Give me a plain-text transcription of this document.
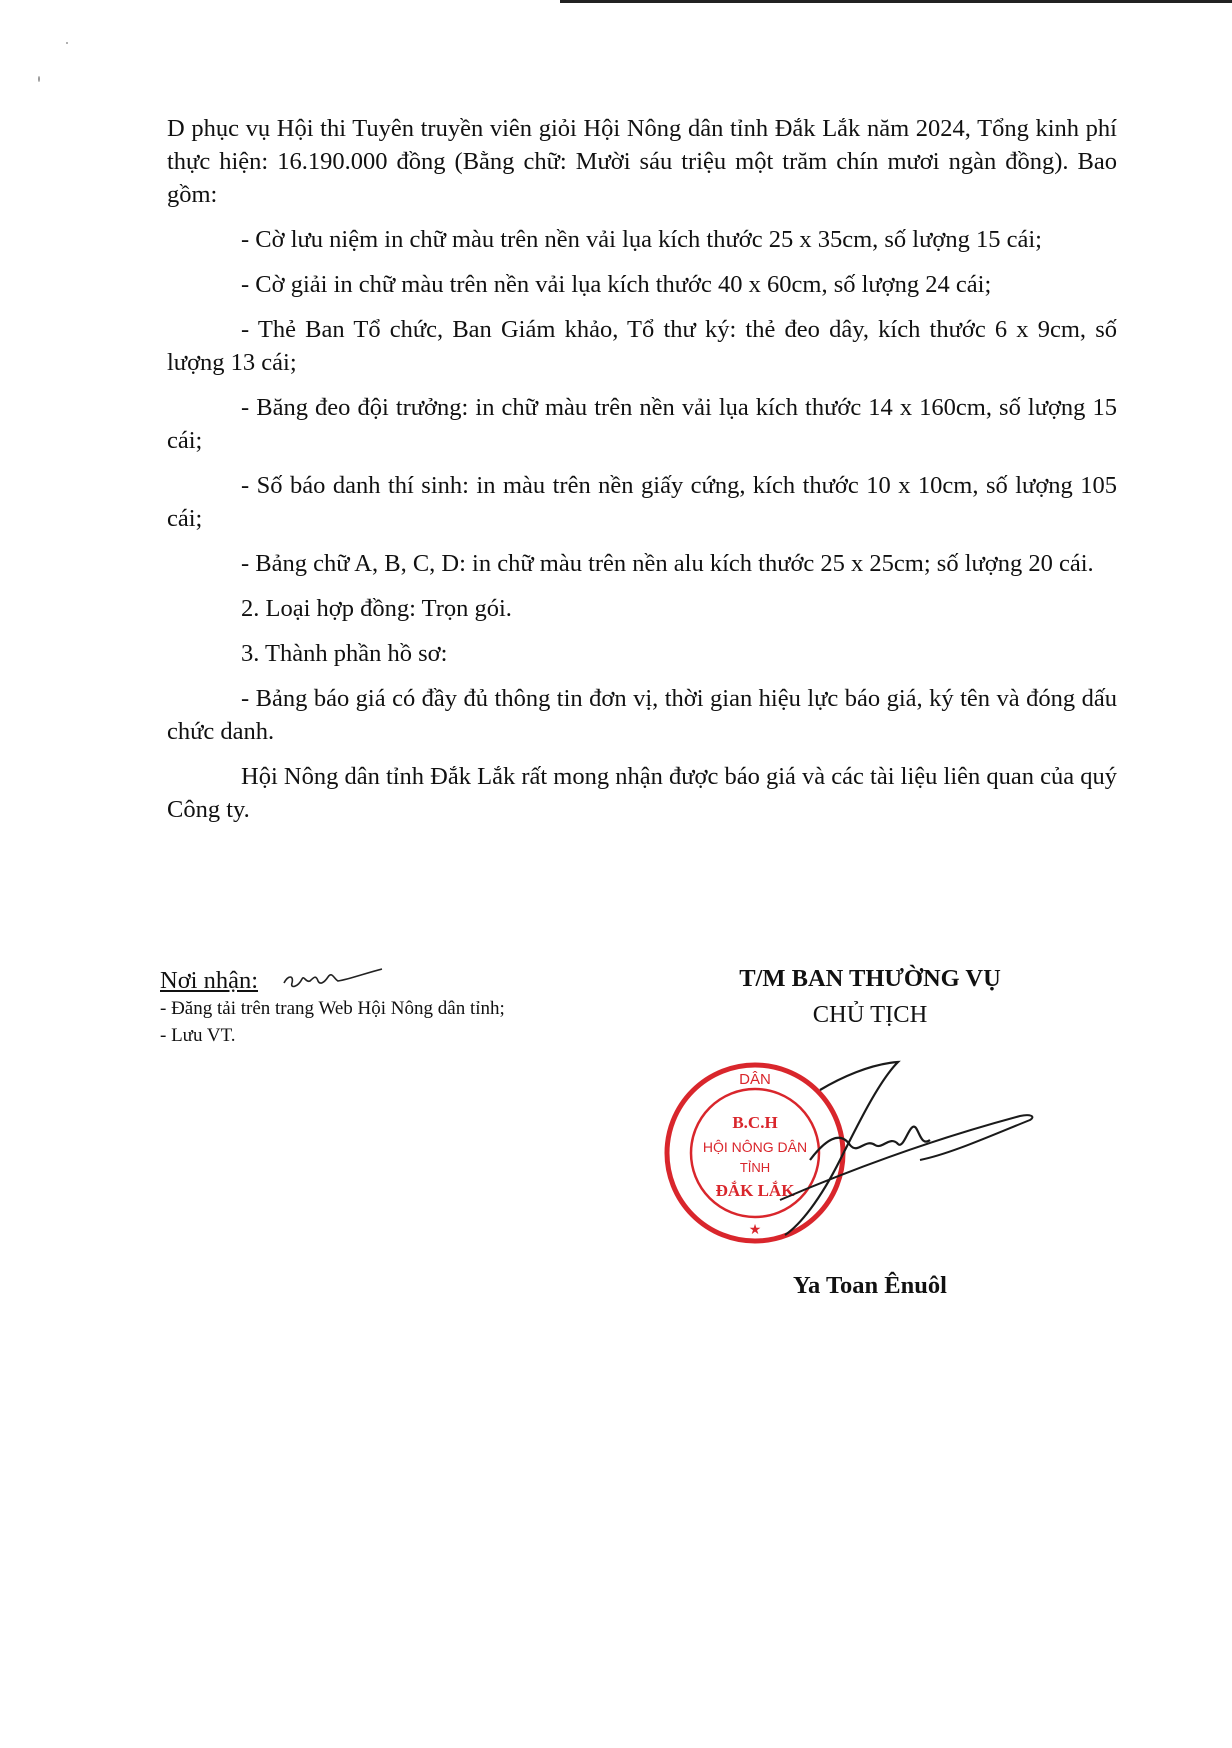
D phục vụ Hội thi Tuyên truyền viên giỏi Hội Nông dân tỉnh Đắk Lắk năm 2024, Tổng kinh phí thực hiện: 16.190.000 đồng (Bằng chữ: Mười sáu triệu một trăm chín mươi ngàn đồng). Bao gồm:

- Cờ lưu niệm in chữ màu trên nền vải lụa kích thước 25 x 35cm, số lượng 15 cái;

- Cờ giải in chữ màu trên nền vải lụa kích thước 40 x 60cm, số lượng 24 cái;

- Thẻ Ban Tổ chức, Ban Giám khảo, Tổ thư ký: thẻ đeo dây, kích thước 6 x 9cm, số lượng 13 cái;

- Băng đeo đội trưởng: in chữ màu trên nền vải lụa kích thước 14 x 160cm, số lượng 15 cái;

- Số báo danh thí sinh: in màu trên nền giấy cứng, kích thước 10 x 10cm, số lượng 105 cái;

- Bảng chữ A, B, C, D: in chữ màu trên nền alu kích thước 25 x 25cm; số lượng 20 cái.

2. Loại hợp đồng: Trọn gói.

3. Thành phần hồ sơ:

- Bảng báo giá có đầy đủ thông tin đơn vị, thời gian hiệu lực báo giá, ký tên và đóng dấu chức danh.

Hội Nông dân tỉnh Đắk Lắk rất mong nhận được báo giá và các tài liệu liên quan của quý Công ty.

Nơi nhận:
- Đăng tải trên trang Web Hội Nông dân tỉnh;
- Lưu VT.
T/M BAN THƯỜNG VỤ
CHỦ TỊCH
DÂN
★
B.C.H
HỘI NÔNG DÂN
TỈNH
ĐẮK LẮK
Ya Toan Ênuôl
